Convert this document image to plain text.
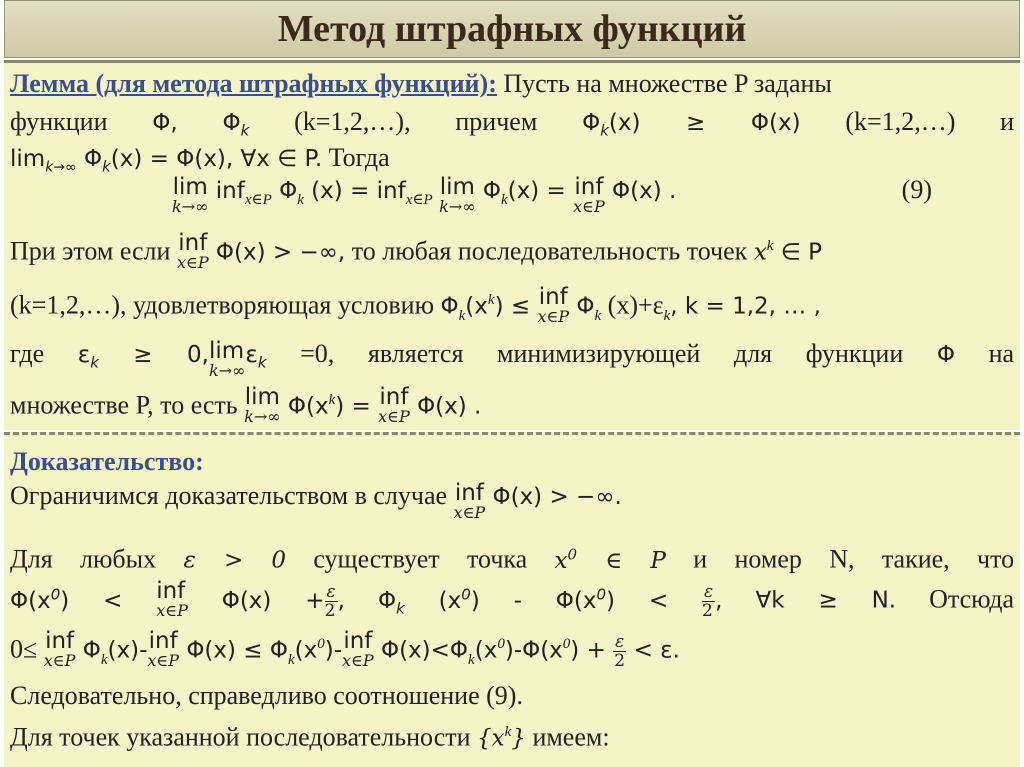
Метод штрафных функций
Лемма (для метода штрафных функций): Пусть на множестве P заданы
функции Φ, $\Phi_k$ (k=1,2,…), причем $\Phi_k(x) \ge \Phi(x)$ (k=1,2,…) и
$\lim_{k\to\infty} \Phi_k(x) = \Phi(x)$, ∀x ∈ P. Тогда
lim
k→∞
inf$_{x\in P}$ $\Phi_k$ (x) = inf$_{x\in P}$ lim
k→∞
$\Phi_k(x)$ = inf
x∈P
Φ(x) .	(9)
При этом если inf
x∈P Φ(x) > −∞, то любая последовательность точек $x^k$ ∈ P
(k=1,2,…), удовлетворяющая условию $\Phi_k(x^k)$ ≤ inf
x∈P $\Phi_k$ $(x)+\varepsilon_k$, k = 1,2, … ,
где $\varepsilon_k \ge 0,\lim$
k→∞
$\varepsilon_k =0$, является минимизирующей для функции Φ на
множестве P, то есть lim
k→∞ $\Phi(x^k)$ = inf
x∈P Φ(x) .
Доказательство:
Ограничимся доказательством в случае inf
x∈P
Φ(x) > −∞.
Для любых ε > 0 существует точка $x^0$ ∈ P и номер N, такие, что
$\Phi(x^0)$ < inf
x∈P $\Phi(x) + \frac{\varepsilon}{2}$ , $\Phi_k$ $(x^0) - \Phi(x^0) < \frac{\varepsilon}{2}$ , ∀k ≥ N. Отсюда
0≤ inf
x∈P $\Phi_k(x)$-inf
x∈P $\Phi(x) \le \Phi_k(x^0)$-inf
x∈P $\Phi(x)<\Phi_k(x^0)-\Phi(x^0) + \frac{\varepsilon}{2} < \varepsilon$.
Следовательно, справедливо соотношение (9).
Для точек указанной последовательности $\{x^k\}$ имеем:
